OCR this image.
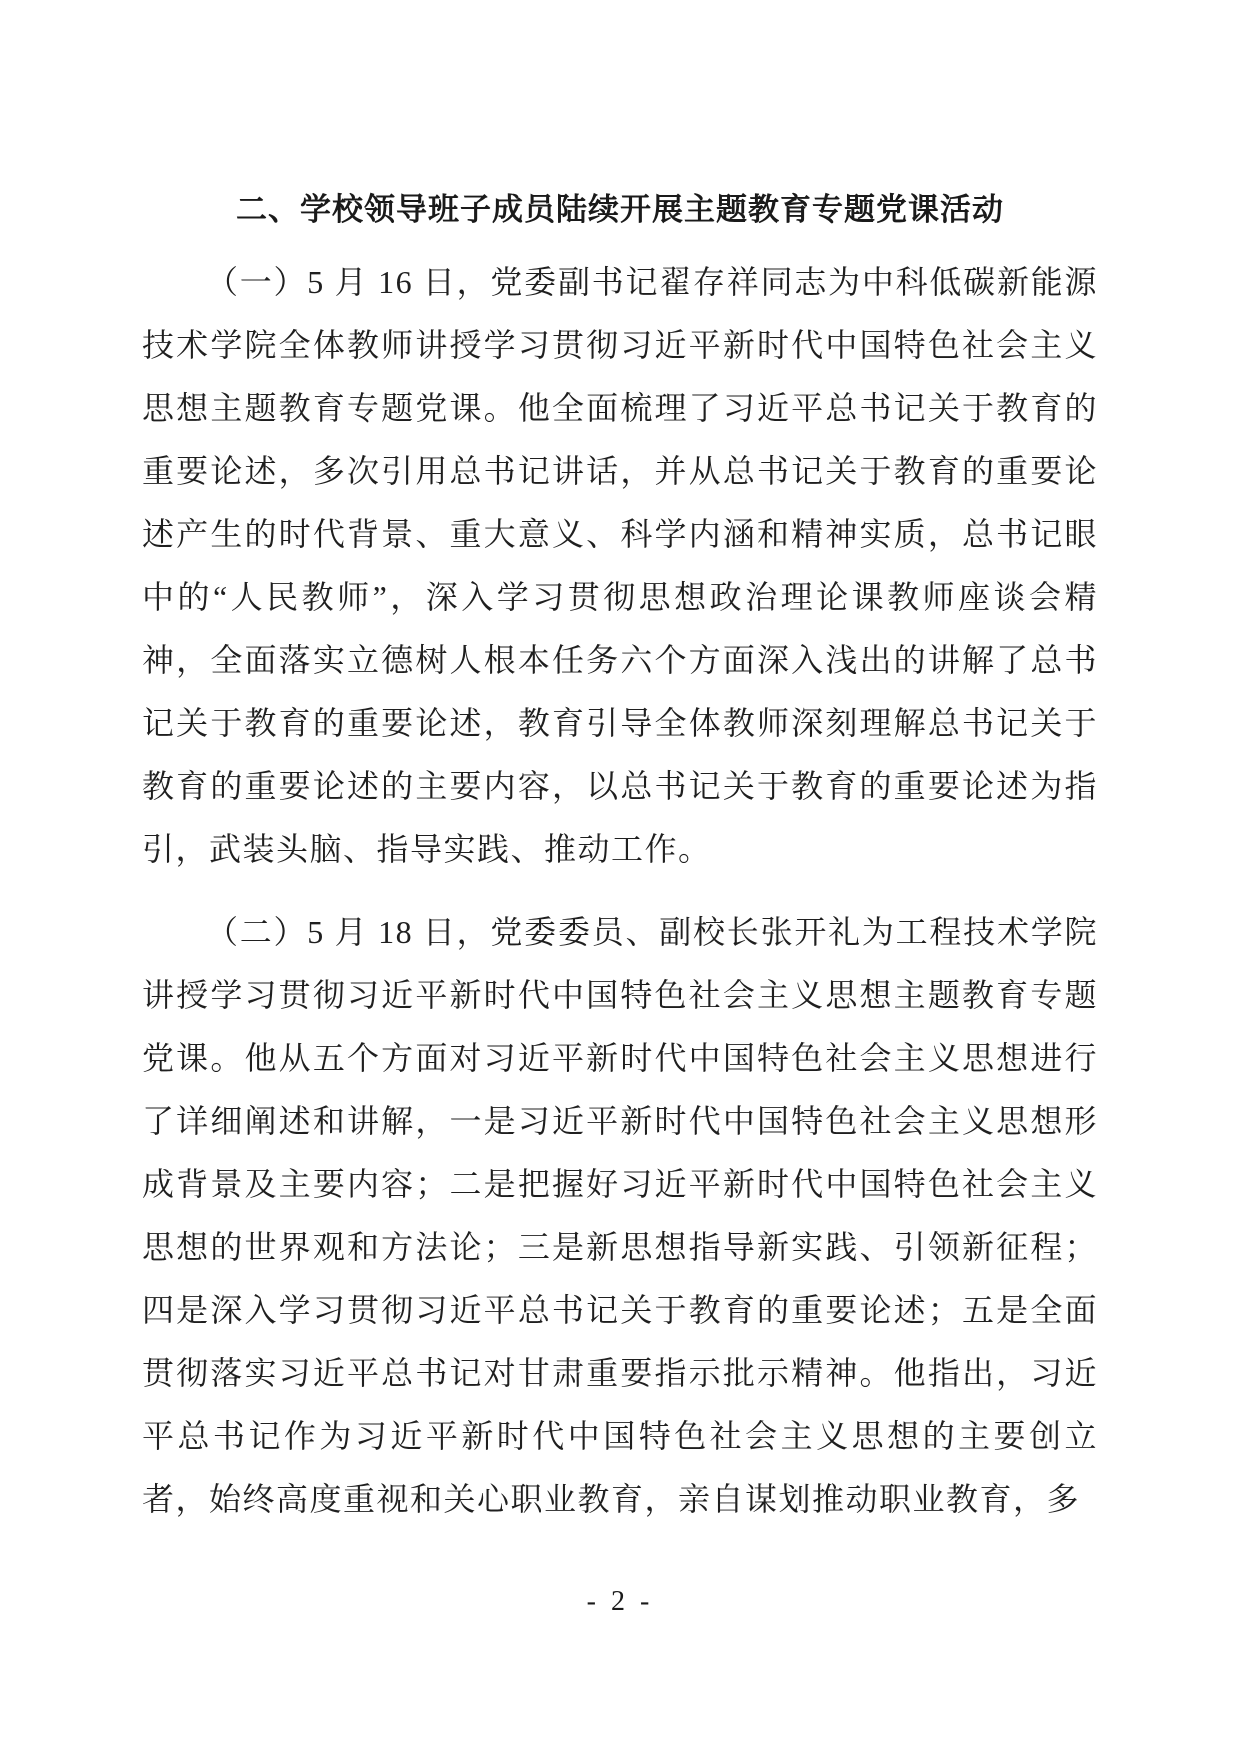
二、学校领导班子成员陆续开展主题教育专题党课活动

（一）5 月 16 日，党委副书记翟存祥同志为中科低碳新能源技术学院全体教师讲授学习贯彻习近平新时代中国特色社会主义思想主题教育专题党课。他全面梳理了习近平总书记关于教育的重要论述，多次引用总书记讲话，并从总书记关于教育的重要论述产生的时代背景、重大意义、科学内涵和精神实质，总书记眼中的“人民教师”，深入学习贯彻思想政治理论课教师座谈会精神，全面落实立德树人根本任务六个方面深入浅出的讲解了总书记关于教育的重要论述，教育引导全体教师深刻理解总书记关于教育的重要论述的主要内容，以总书记关于教育的重要论述为指引，武装头脑、指导实践、推动工作。

（二）5 月 18 日，党委委员、副校长张开礼为工程技术学院讲授学习贯彻习近平新时代中国特色社会主义思想主题教育专题党课。他从五个方面对习近平新时代中国特色社会主义思想进行了详细阐述和讲解，一是习近平新时代中国特色社会主义思想形成背景及主要内容；二是把握好习近平新时代中国特色社会主义思想的世界观和方法论；三是新思想指导新实践、引领新征程；四是深入学习贯彻习近平总书记关于教育的重要论述；五是全面贯彻落实习近平总书记对甘肃重要指示批示精神。他指出，习近平总书记作为习近平新时代中国特色社会主义思想的主要创立者，始终高度重视和关心职业教育，亲自谋划推动职业教育，多

- 2 -
